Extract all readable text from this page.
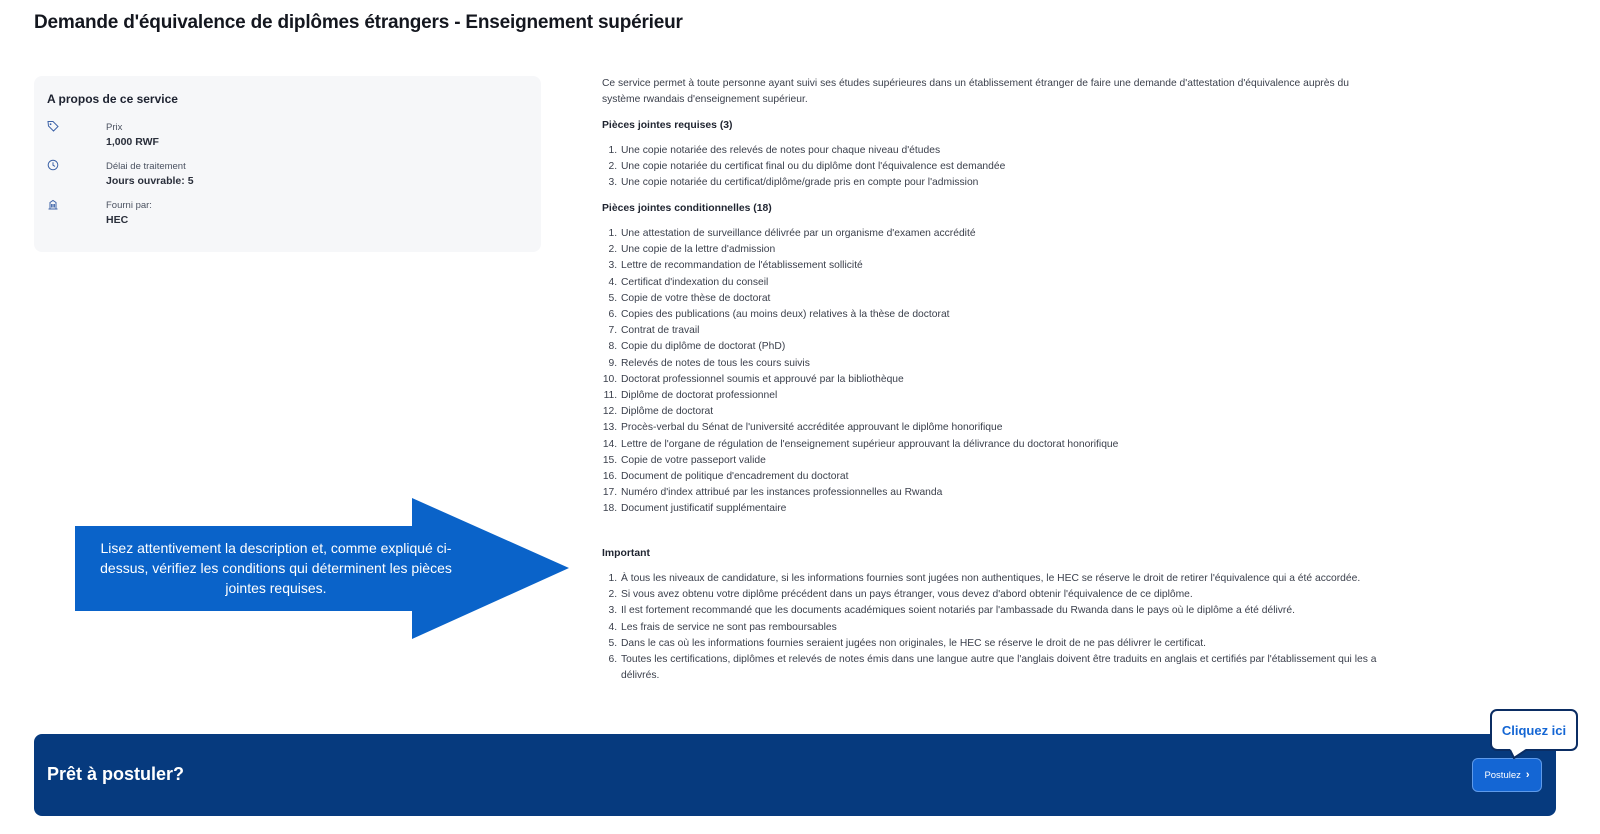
Demande d'équivalence de diplômes étrangers - Enseignement supérieur
A propos de ce service
Prix
1,000 RWF
Délai de traitement
Jours ouvrable: 5
Fourni par:
HEC

Ce service permet à toute personne ayant suivi ses études supérieures dans un établissement étranger de faire une demande d'attestation d'équivalence auprès du système rwandais d'enseignement supérieur.

Pièces jointes requises (3)
1. Une copie notariée des relevés de notes pour chaque niveau d'études
2. Une copie notariée du certificat final ou du diplôme dont l'équivalence est demandée
3. Une copie notariée du certificat/diplôme/grade pris en compte pour l'admission
Pièces jointes conditionnelles (18)
1. Une attestation de surveillance délivrée par un organisme d'examen accrédité
2. Une copie de la lettre d'admission
3. Lettre de recommandation de l'établissement sollicité
4. Certificat d'indexation du conseil
5. Copie de votre thèse de doctorat
6. Copies des publications (au moins deux) relatives à la thèse de doctorat
7. Contrat de travail
8. Copie du diplôme de doctorat (PhD)
9. Relevés de notes de tous les cours suivis
10. Doctorat professionnel soumis et approuvé par la bibliothèque
11. Diplôme de doctorat professionnel
12. Diplôme de doctorat
13. Procès-verbal du Sénat de l'université accréditée approuvant le diplôme honorifique
14. Lettre de l'organe de régulation de l'enseignement supérieur approuvant la délivrance du doctorat honorifique
15. Copie de votre passeport valide
16. Document de politique d'encadrement du doctorat
17. Numéro d'index attribué par les instances professionnelles au Rwanda
18. Document justificatif supplémentaire
Important
1. À tous les niveaux de candidature, si les informations fournies sont jugées non authentiques, le HEC se réserve le droit de retirer l'équivalence qui a été accordée.
2. Si vous avez obtenu votre diplôme précédent dans un pays étranger, vous devez d'abord obtenir l'équivalence de ce diplôme.
3. Il est fortement recommandé que les documents académiques soient notariés par l'ambassade du Rwanda dans le pays où le diplôme a été délivré.
4. Les frais de service ne sont pas remboursables
5. Dans le cas où les informations fournies seraient jugées non originales, le HEC se réserve le droit de ne pas délivrer le certificat.
6. Toutes les certifications, diplômes et relevés de notes émis dans une langue autre que l'anglais doivent être traduits en anglais et certifiés par l'établissement qui les a délivrés.
Lisez attentivement la description et, comme expliqué ci-dessus, vérifiez les conditions qui déterminent les pièces jointes requises.
Prêt à postuler?	Postulez ›
Cliquez ici
